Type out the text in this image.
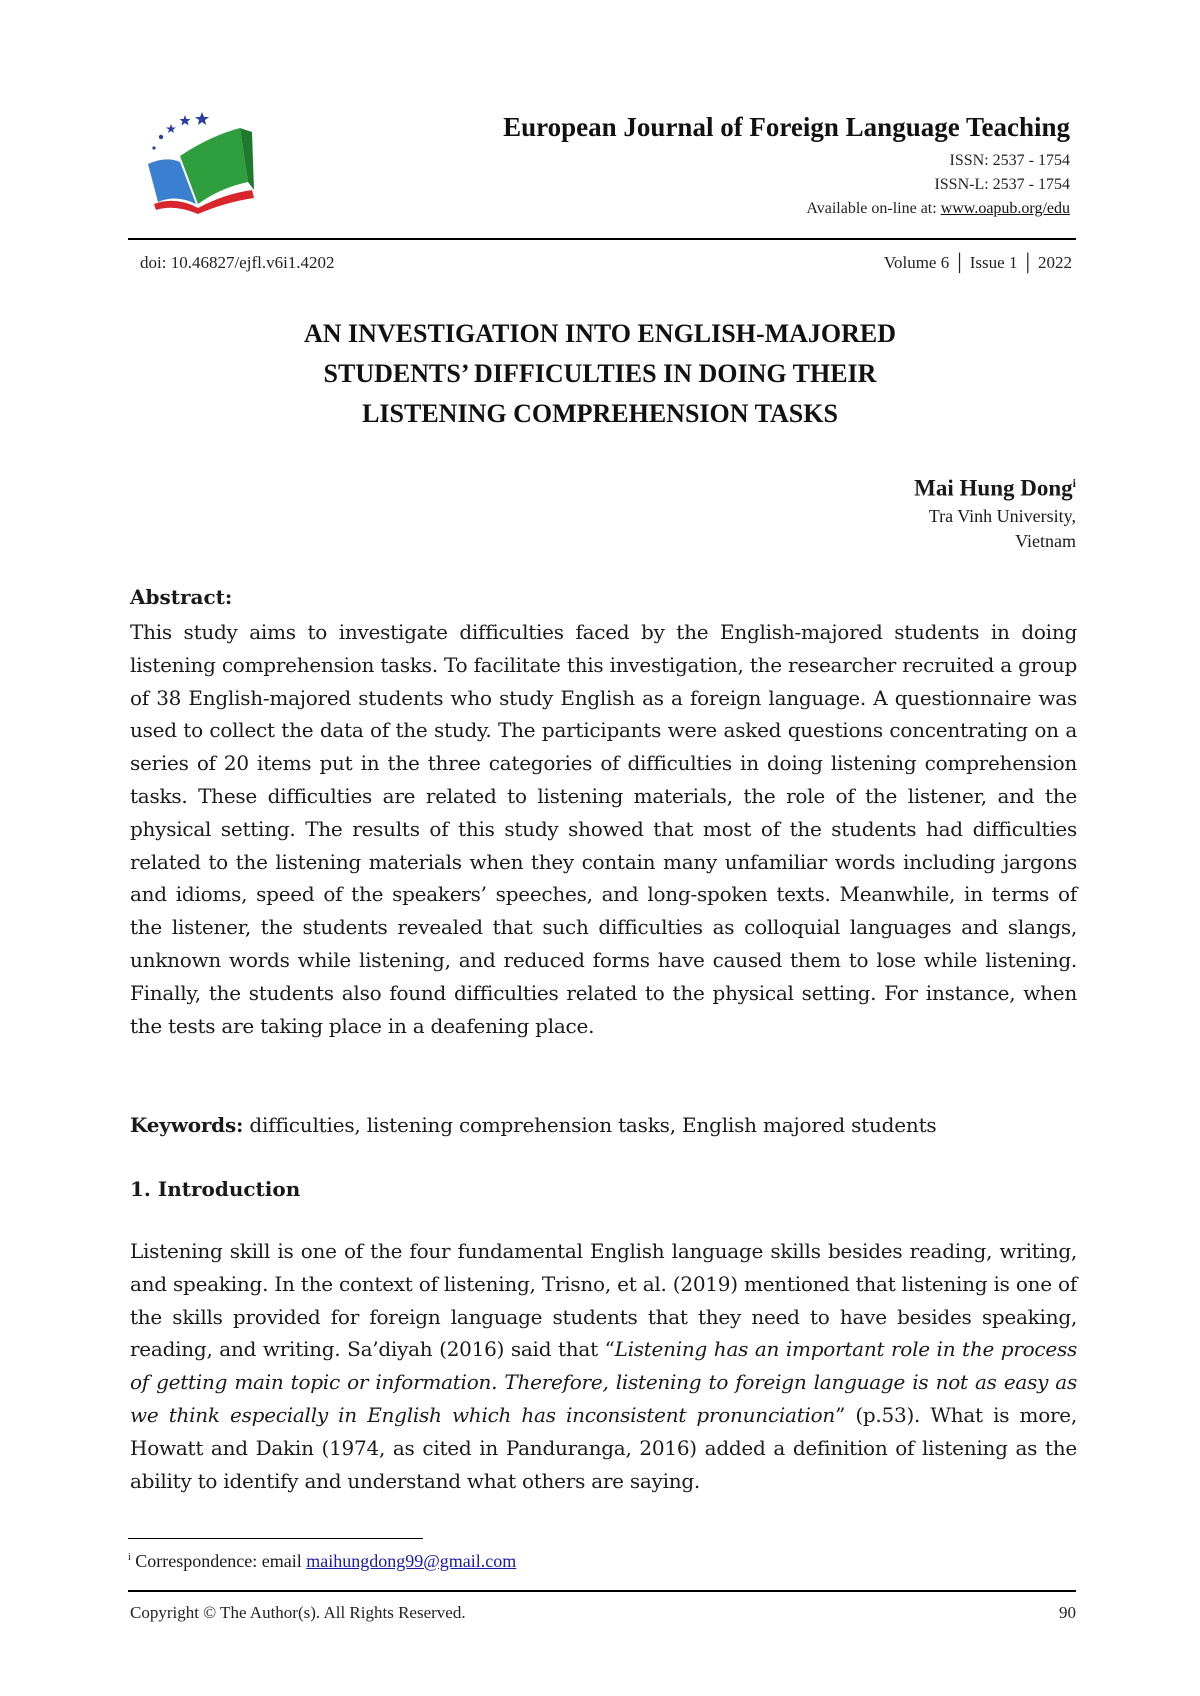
European Journal of Foreign Language Teaching
ISSN: 2537 - 1754
ISSN-L: 2537 - 1754
Available on-line at: www.oapub.org/edu
doi: 10.46827/ejfl.v6i1.4202	Volume 6 │ Issue 1 │ 2022
AN INVESTIGATION INTO ENGLISH-MAJORED
STUDENTS’ DIFFICULTIES IN DOING THEIR
LISTENING COMPREHENSION TASKS
Mai Hung Dong$^i$
Tra Vinh University,
Vietnam

Abstract:

This study aims to investigate difficulties faced by the English-majored students in doing listening comprehension tasks. To facilitate this investigation, the researcher recruited a group of 38 English-majored students who study English as a foreign language. A questionnaire was used to collect the data of the study. The participants were asked questions concentrating on a series of 20 items put in the three categories of difficulties in doing listening comprehension tasks. These difficulties are related to listening materials, the role of the listener, and the physical setting. The results of this study showed that most of the students had difficulties related to the listening materials when they contain many unfamiliar words including jargons and idioms, speed of the speakers’ speeches, and long-spoken texts. Meanwhile, in terms of the listener, the students revealed that such difficulties as colloquial languages and slangs, unknown words while listening, and reduced forms have caused them to lose while listening. Finally, the students also found difficulties related to the physical setting. For instance, when the tests are taking place in a deafening place.

Keywords: difficulties, listening comprehension tasks, English majored students

1. Introduction

Listening skill is one of the four fundamental English language skills besides reading, writing, and speaking. In the context of listening, Trisno, et al. (2019) mentioned that listening is one of the skills provided for foreign language students that they need to have besides speaking, reading, and writing. Sa’diyah (2016) said that “Listening has an important role in the process of getting main topic or information. Therefore, listening to foreign language is not as easy as we think especially in English which has inconsistent pronunciation” (p.53). What is more, Howatt and Dakin (1974, as cited in Panduranga, 2016) added a definition of listening as the ability to identify and understand what others are saying.

$^i$ Correspondence: email maihungdong99@gmail.com
Copyright © The Author(s). All Rights Reserved.	90
